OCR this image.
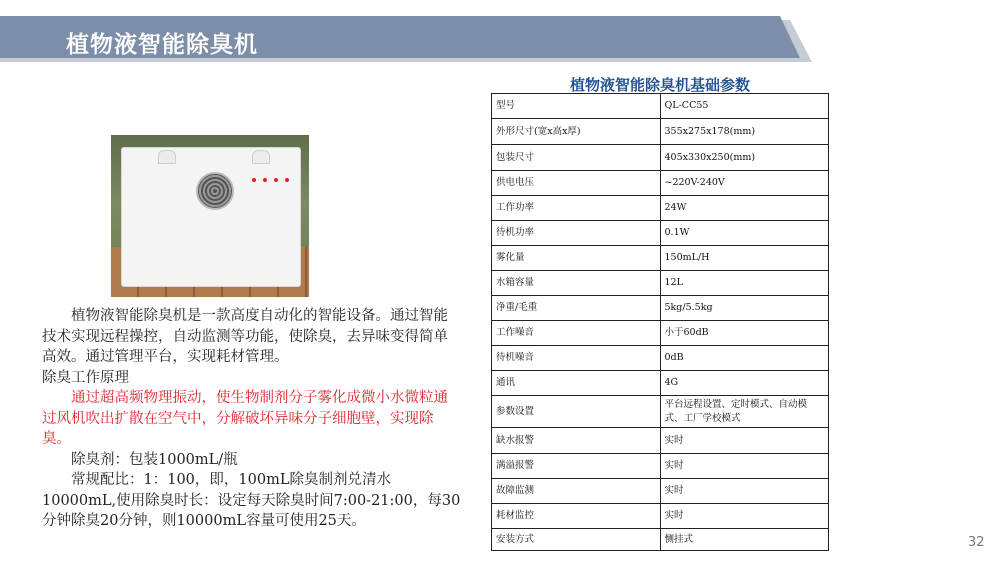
植物液智能除臭机
植物液智能除臭机基础参数
型号	QL-CC55
外形尺寸(宽x高x厚)	355x275x178(mm)
包装尺寸	405x330x250(mm)
供电电压	~220V-240V
工作功率	24W
待机功率	0.1W
雾化量	150mL/H
水箱容量	12L
净重/毛重	5kg/5.5kg
工作噪音	小于60dB
待机噪音	0dB
通讯	4G
参数设置	平台远程设置、定时模式、自动模式、工厂学校模式
缺水报警	实时
满溢报警	实时
故障监测	实时
耗材监控	实时
安装方式	恻挂式

植物液智能除臭机是一款高度自动化的智能设备。通过智能技术实现远程操控，自动监测等功能，使除臭，去异味变得简单高效。通过管理平台，实现耗材管理。

除臭工作原理

通过超高频物理振动，使生物制剂分子雾化成微小水微粒通过风机吹出扩散在空气中，分解破坏异味分子细胞壁，实现除臭。

除臭剂：包装1000mL/瓶

常规配比：1：100，即，100mL除臭制剂兑清水10000mL,使用除臭时长：设定每天除臭时间7:00-21:00，每30分钟除臭20分钟，则10000mL容量可使用25天。

32
